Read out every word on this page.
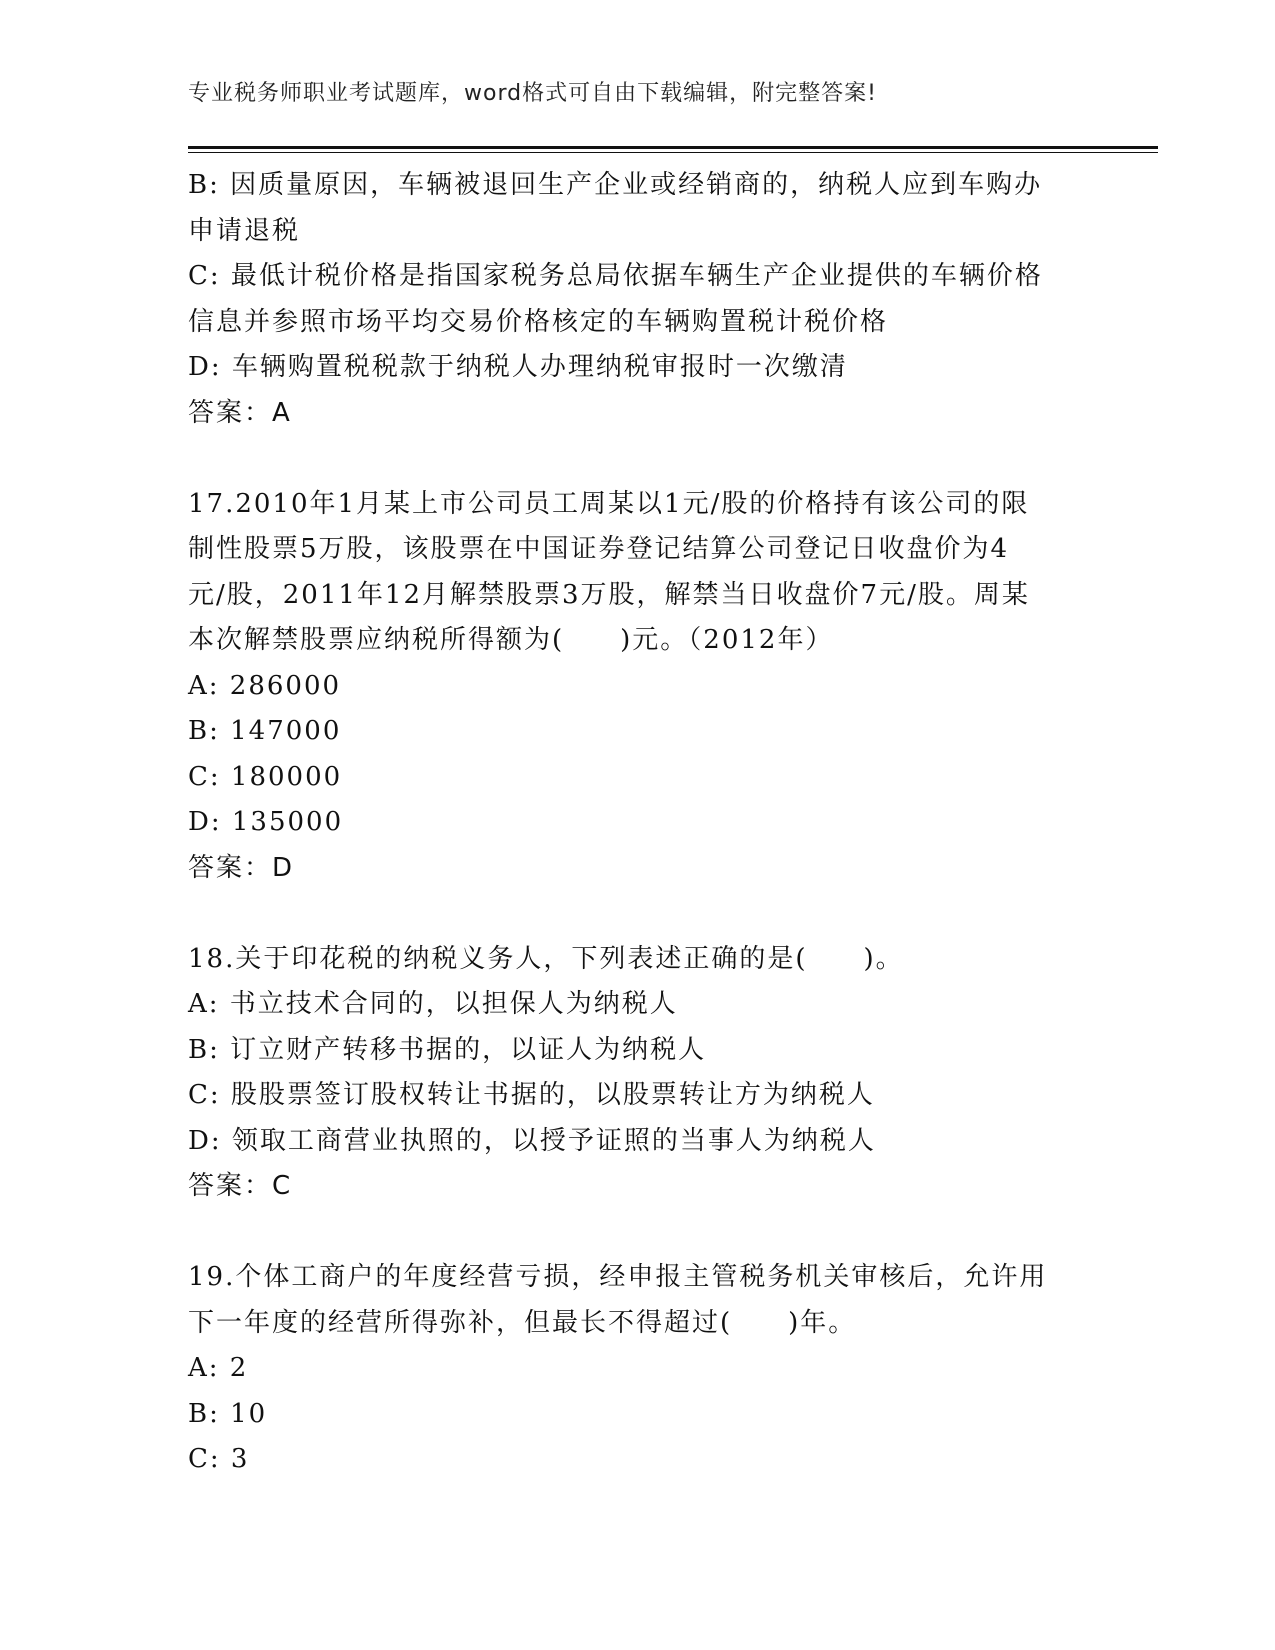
专业税务师职业考试题库，word格式可自由下载编辑，附完整答案!
B: 因质量原因，车辆被退回生产企业或经销商的，纳税人应到车购办
申请退税
C: 最低计税价格是指国家税务总局依据车辆生产企业提供的车辆价格
信息并参照市场平均交易价格核定的车辆购置税计税价格
D: 车辆购置税税款于纳税人办理纳税审报时一次缴清
答案：A
17.2010年1月某上市公司员工周某以1元/股的价格持有该公司的限
制性股票5万股，该股票在中国证券登记结算公司登记日收盘价为4
元/股，2011年12月解禁股票3万股，解禁当日收盘价7元/股。周某
本次解禁股票应纳税所得额为(　　)元。（2012年）
A: 286000
B: 147000
C: 180000
D: 135000
答案：D
18.关于印花税的纳税义务人，下列表述正确的是(　　)。
A: 书立技术合同的，以担保人为纳税人
B: 订立财产转移书据的，以证人为纳税人
C: 股股票签订股权转让书据的，以股票转让方为纳税人
D: 领取工商营业执照的，以授予证照的当事人为纳税人
答案：C
19.个体工商户的年度经营亏损，经申报主管税务机关审核后，允许用
下一年度的经营所得弥补，但最长不得超过(　　)年。
A: 2
B: 10
C: 3
